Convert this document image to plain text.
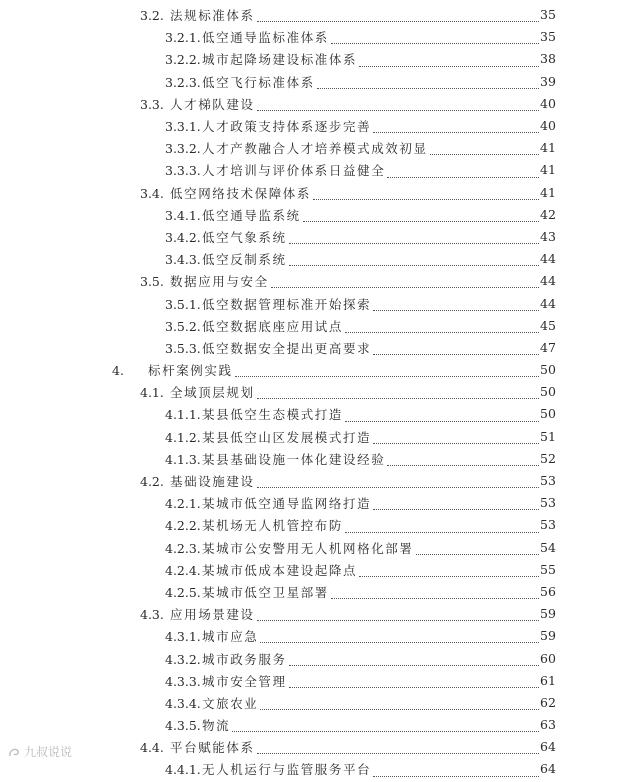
3.2. 法规标准体系	35
3.2.1. 低空通导监标准体系	35
3.2.2. 城市起降场建设标准体系	38
3.2.3. 低空飞行标准体系	39
3.3. 人才梯队建设	40
3.3.1. 人才政策支持体系逐步完善	40
3.3.2. 人才产教融合人才培养模式成效初显	41
3.3.3. 人才培训与评价体系日益健全	41
3.4. 低空网络技术保障体系	41
3.4.1. 低空通导监系统	42
3.4.2. 低空气象系统	43
3.4.3. 低空反制系统	44
3.5. 数据应用与安全	44
3.5.1. 低空数据管理标准开始探索	44
3.5.2. 低空数据底座应用试点	45
3.5.3. 低空数据安全提出更高要求	47
4. 标杆案例实践	50
4.1. 全域顶层规划	50
4.1.1. 某县低空生态模式打造	50
4.1.2. 某县低空山区发展模式打造	51
4.1.3. 某县基础设施一体化建设经验	52
4.2. 基础设施建设	53
4.2.1. 某城市低空通导监网络打造	53
4.2.2. 某机场无人机管控布防	53
4.2.3. 某城市公安警用无人机网格化部署	54
4.2.4. 某城市低成本建设起降点	55
4.2.5. 某城市低空卫星部署	56
4.3. 应用场景建设	59
4.3.1. 城市应急	59
4.3.2. 城市政务服务	60
4.3.3. 城市安全管理	61
4.3.4. 文旅农业	62
4.3.5. 物流	63
4.4. 平台赋能体系	64
4.4.1. 无人机运行与监管服务平台	64
九叔说说
